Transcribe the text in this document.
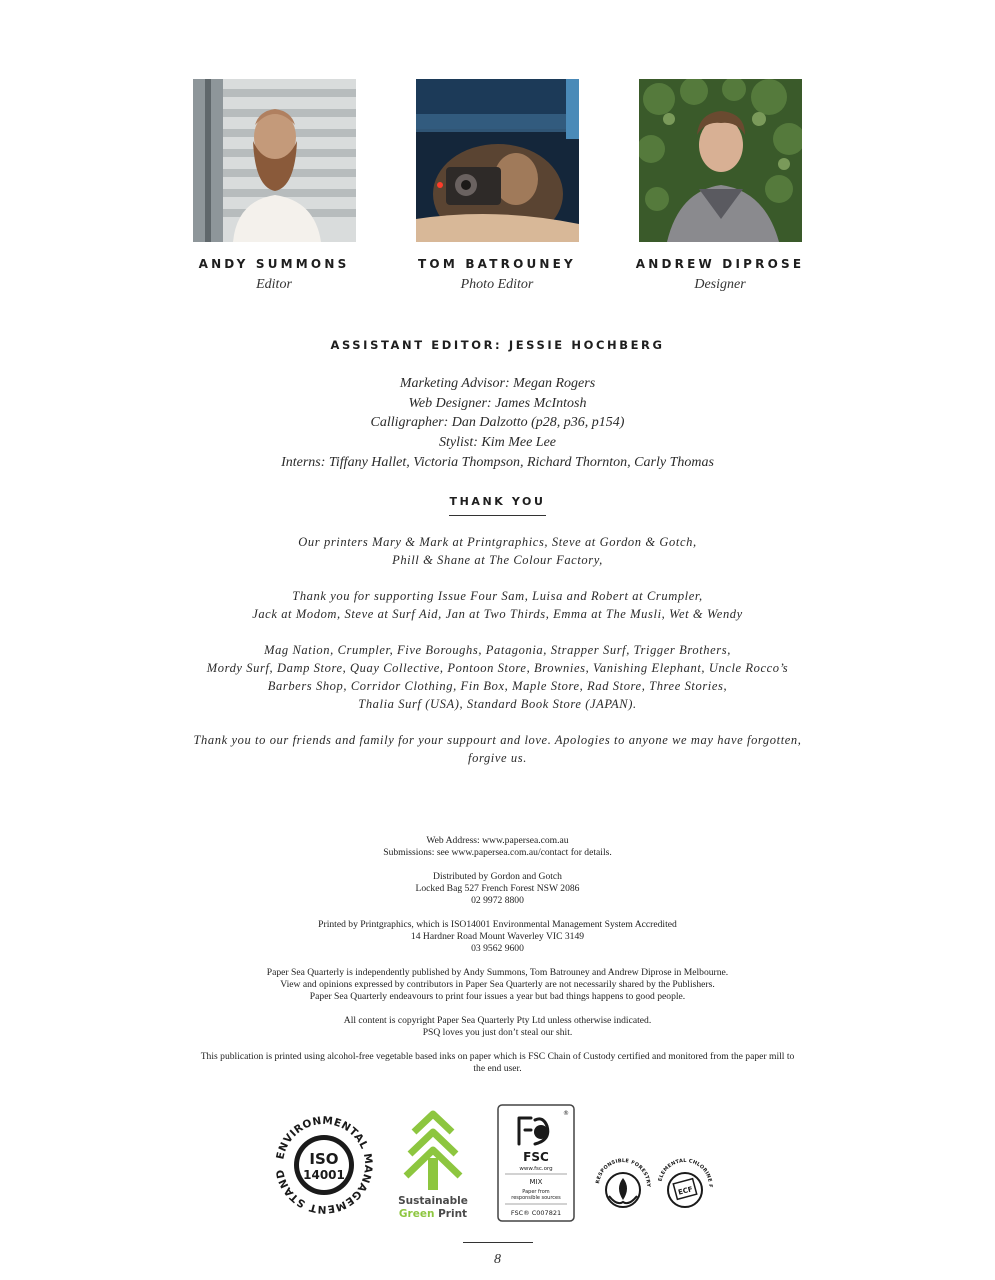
ANDY SUMMONS
Editor
TOM BATROUNEY
Photo Editor
ANDREW DIPROSE
Designer
ASSISTANT EDITOR: JESSIE HOCHBERG
Marketing Advisor: Megan Rogers
Web Designer: James McIntosh
Calligrapher: Dan Dalzotto (p28, p36, p154)
Stylist: Kim Mee Lee
Interns: Tiffany Hallet, Victoria Thompson, Richard Thornton, Carly Thomas
THANK YOU
Our printers Mary & Mark at Printgraphics, Steve at Gordon & Gotch,
Phill & Shane at The Colour Factory,
Thank you for supporting Issue Four Sam, Luisa and Robert at Crumpler,
Jack at Modom, Steve at Surf Aid, Jan at Two Thirds, Emma at The Musli, Wet & Wendy
Mag Nation, Crumpler, Five Boroughs, Patagonia, Strapper Surf, Trigger Brothers,
Mordy Surf, Damp Store, Quay Collective, Pontoon Store, Brownies, Vanishing Elephant, Uncle Rocco’s
Barbers Shop, Corridor Clothing, Fin Box, Maple Store, Rad Store, Three Stories,
Thalia Surf (USA), Standard Book Store (JAPAN).
Thank you to our friends and family for your suppourt and love. Apologies to anyone we may have forgotten,
forgive us.
Web Address: www.papersea.com.au
Submissions: see www.papersea.com.au/contact for details.
Distributed by Gordon and Gotch
Locked Bag 527 French Forest NSW 2086
02 9972 8800
Printed by Printgraphics, which is ISO14001 Environmental Management System Accredited
14 Hardner Road Mount Waverley VIC 3149
03 9562 9600
Paper Sea Quarterly is independently published by Andy Summons, Tom Batrouney and Andrew Diprose in Melbourne.
View and opinions expressed by contributors in Paper Sea Quarterly are not necessarily shared by the Publishers.
Paper Sea Quarterly endeavours to print four issues a year but bad things happens to good people.
All content is copyright Paper Sea Quarterly Pty Ltd unless otherwise indicated.
PSQ loves you just don’t steal our shit.
This publication is printed using alcohol-free vegetable based inks on paper which is FSC Chain of Custody certified and monitored from the paper mill to
the end user.
ENVIRONMENTAL MANAGEMENT STAND
ISO
14001
Sustainable
Green Print
®
FSC
www.fsc.org
MIX
Paper from
responsible sources
FSC® C007821
RESPONSIBLE FORESTRY
ELEMENTAL CHLORINE F
ECF
8
